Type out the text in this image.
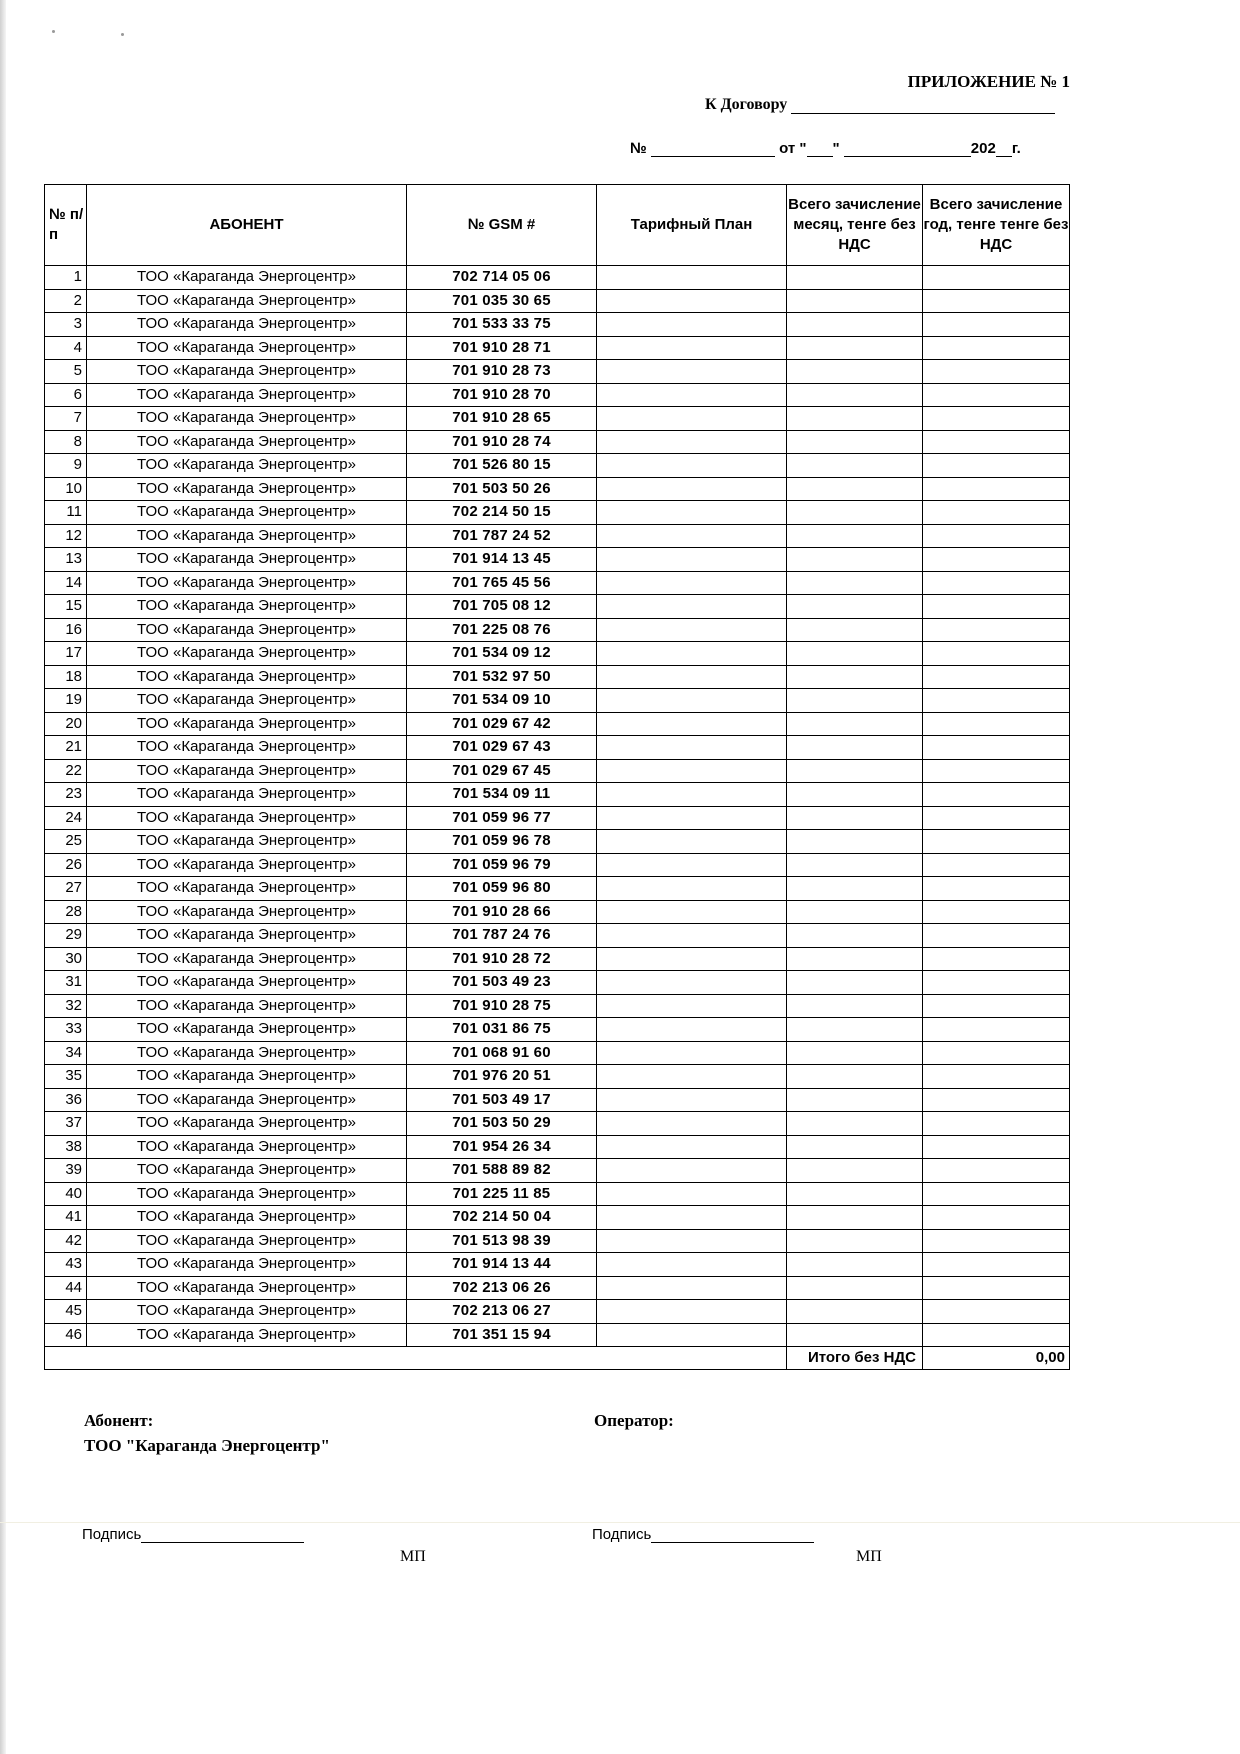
ПРИЛОЖЕНИЕ № 1
К Договору
№	от " "	202 г.
№ п/п	АБОНЕНТ	№ GSM #	Тарифный План	Всего зачисление месяц, тенге без НДС	Всего зачисление год, тенге тенге без НДС
1	ТОО «Караганда Энергоцентр»	702 714 05 06			
2	ТОО «Караганда Энергоцентр»	701 035 30 65			
3	ТОО «Караганда Энергоцентр»	701 533 33 75			
4	ТОО «Караганда Энергоцентр»	701 910 28 71			
5	ТОО «Караганда Энергоцентр»	701 910 28 73			
6	ТОО «Караганда Энергоцентр»	701 910 28 70			
7	ТОО «Караганда Энергоцентр»	701 910 28 65			
8	ТОО «Караганда Энергоцентр»	701 910 28 74			
9	ТОО «Караганда Энергоцентр»	701 526 80 15			
10	ТОО «Караганда Энергоцентр»	701 503 50 26			
11	ТОО «Караганда Энергоцентр»	702 214 50 15			
12	ТОО «Караганда Энергоцентр»	701 787 24 52			
13	ТОО «Караганда Энергоцентр»	701 914 13 45			
14	ТОО «Караганда Энергоцентр»	701 765 45 56			
15	ТОО «Караганда Энергоцентр»	701 705 08 12			
16	ТОО «Караганда Энергоцентр»	701 225 08 76			
17	ТОО «Караганда Энергоцентр»	701 534 09 12			
18	ТОО «Караганда Энергоцентр»	701 532 97 50			
19	ТОО «Караганда Энергоцентр»	701 534 09 10			
20	ТОО «Караганда Энергоцентр»	701 029 67 42			
21	ТОО «Караганда Энергоцентр»	701 029 67 43			
22	ТОО «Караганда Энергоцентр»	701 029 67 45			
23	ТОО «Караганда Энергоцентр»	701 534 09 11			
24	ТОО «Караганда Энергоцентр»	701 059 96 77			
25	ТОО «Караганда Энергоцентр»	701 059 96 78			
26	ТОО «Караганда Энергоцентр»	701 059 96 79			
27	ТОО «Караганда Энергоцентр»	701 059 96 80			
28	ТОО «Караганда Энергоцентр»	701 910 28 66			
29	ТОО «Караганда Энергоцентр»	701 787 24 76			
30	ТОО «Караганда Энергоцентр»	701 910 28 72			
31	ТОО «Караганда Энергоцентр»	701 503 49 23			
32	ТОО «Караганда Энергоцентр»	701 910 28 75			
33	ТОО «Караганда Энергоцентр»	701 031 86 75			
34	ТОО «Караганда Энергоцентр»	701 068 91 60			
35	ТОО «Караганда Энергоцентр»	701 976 20 51			
36	ТОО «Караганда Энергоцентр»	701 503 49 17			
37	ТОО «Караганда Энергоцентр»	701 503 50 29			
38	ТОО «Караганда Энергоцентр»	701 954 26 34			
39	ТОО «Караганда Энергоцентр»	701 588 89 82			
40	ТОО «Караганда Энергоцентр»	701 225 11 85			
41	ТОО «Караганда Энергоцентр»	702 214 50 04			
42	ТОО «Караганда Энергоцентр»	701 513 98 39			
43	ТОО «Караганда Энергоцентр»	701 914 13 44			
44	ТОО «Караганда Энергоцентр»	702 213 06 26			
45	ТОО «Караганда Энергоцентр»	702 213 06 27			
46	ТОО «Караганда Энергоцентр»	701 351 15 94			
				Итого без НДС	0,00
Абонент:
ТОО "Караганда Энергоцентр"
Оператор:
Подпись	Подпись
МП	МП
